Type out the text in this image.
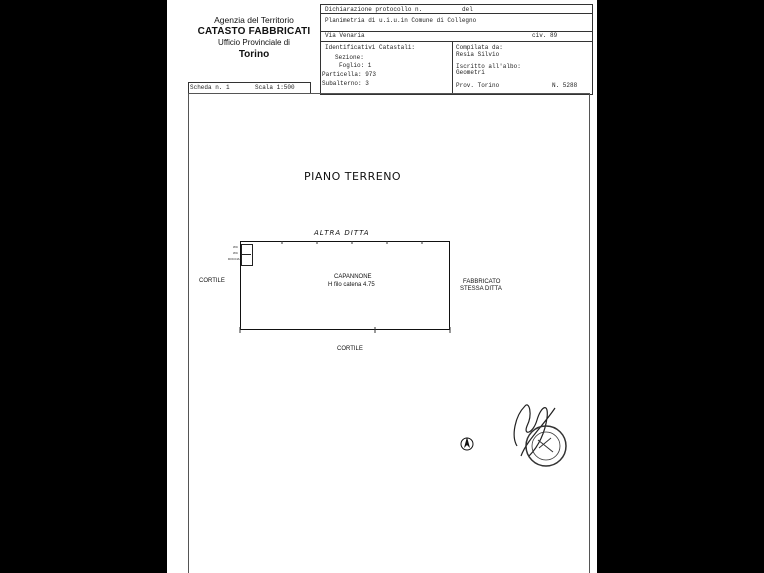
Agenzia del Territorio
CATASTO FABBRICATI
Ufficio Provinciale di
Torino
Dichiarazione protocollo n.	del
Planimetria di u.i.u.in Comune di Collegno
Via Venaria	civ. 89
Identificativi Catastali:
Sezione:
Foglio: 1
Particella: 973
Subalterno: 3
Compilata da:
Resia Silvio
Iscritto all'albo:
Geometri
Prov. Torino	N. 5288
Scheda n. 1	Scala 1:500
PIANO TERRENO
ALTRA DITTA
WC
WC
DOCCIA
CAPANNONE
H filo catena 4.75
CORTILE
CORTILE
FABBRICATO
STESSA DITTA
